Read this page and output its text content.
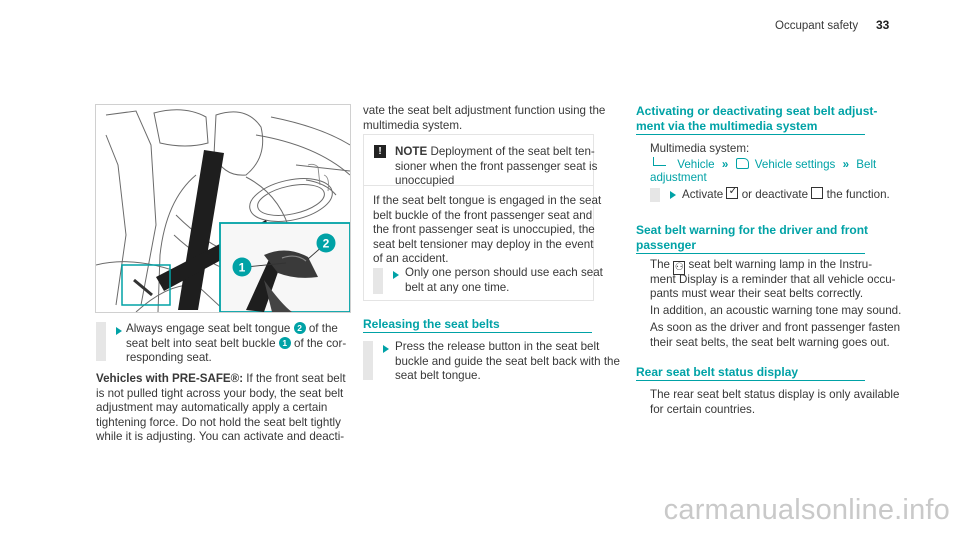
Occupant safety 33
1
2

Always engage seat belt tongue 2 of the

seat belt into seat belt buckle 1 of the cor-

responding seat.

Vehicles with PRE-SAFE®: If the front seat belt

is not pulled tight across your body, the seat belt

adjustment may automatically apply a certain

tightening force. Do not hold the seat belt tightly

while it is adjusting. You can activate and deacti-

vate the seat belt adjustment function using the

multimedia system.

!	NOTE Deployment of the seat belt ten-

sioner when the front passenger seat is

unoccupied

If the seat belt tongue is engaged in the seat

belt buckle of the front passenger seat and

the front passenger seat is unoccupied, the

seat belt tensioner may deploy in the event

of an accident.

Only one person should use each seat

belt at any one time.

Releasing the seat belts

Press the release button in the seat belt

buckle and guide the seat belt back with the

seat belt tongue.

Activating or deactivating seat belt adjust-

ment via the multimedia system

Multimedia system:

Vehicle » Vehicle settings » Belt

adjustment

Activate ✓ or deactivate the function.

Seat belt warning for the driver and front

passenger

The ⚇ seat belt warning lamp in the Instru-

ment Display is a reminder that all vehicle occu-

pants must wear their seat belts correctly.

In addition, an acoustic warning tone may sound.

As soon as the driver and front passenger fasten

their seat belts, the seat belt warning goes out.

Rear seat belt status display

The rear seat belt status display is only available

for certain countries.

carmanualsonline.info
